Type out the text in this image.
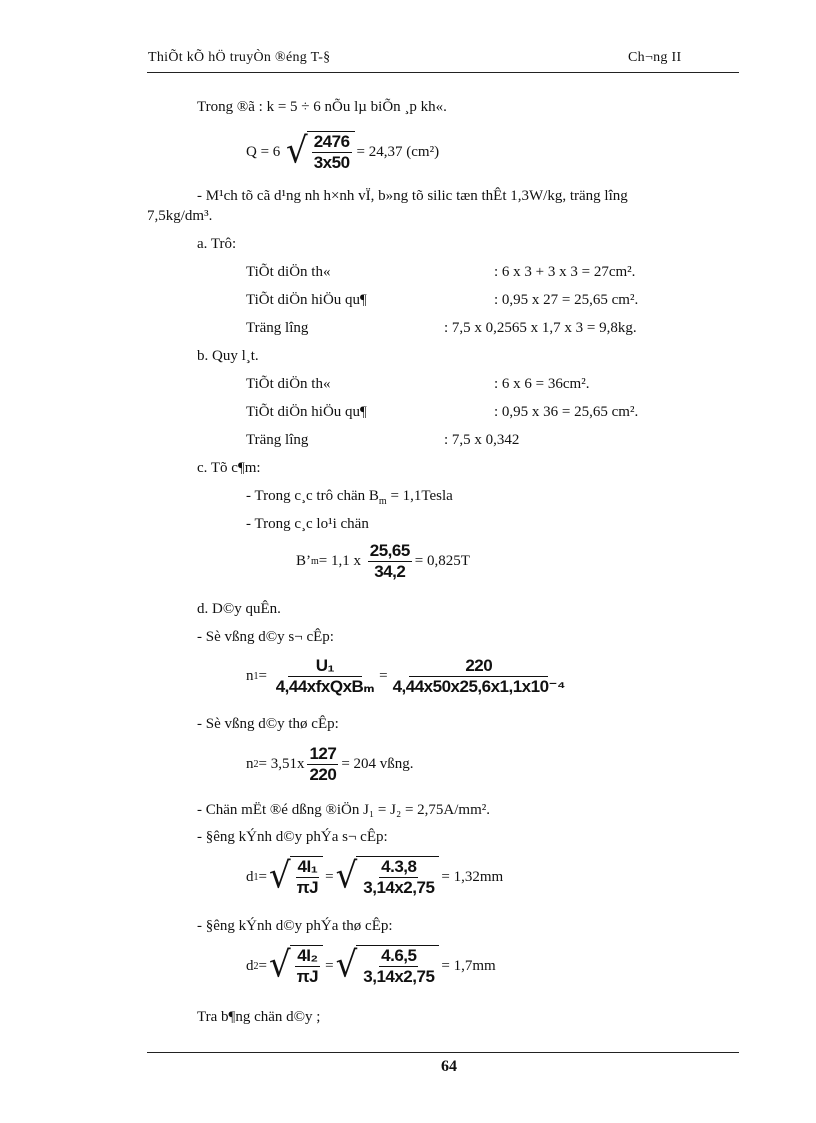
ThiÕt kÕ hÖ truyÒn ®éng T-§	Ch¬ng II
Trong ®ã : k = 5 ÷ 6 nÕu lµ biÕn ¸p kh«.
Q = 6
√ $\frac{2476}{3x50} = 24,37$ (cm²)
- M¹ch tõ cã d¹ng nh h×nh vÏ, b»ng tõ silic tæn thÊt 1,3W/kg, träng lîng
7,5kg/dm³.
a. Trô:
TiÕt diÖn th«	: 6 x 3 + 3 x 3 = 27cm².
TiÕt diÖn hiÖu qu¶	: 0,95 x 27 = 25,65 cm².
Träng lîng	: 7,5 x 0,2565 x 1,7 x 3 = 9,8kg.
b. Quy l¸t.
TiÕt diÖn th«	: 6 x 6 = 36cm².
TiÕt diÖn hiÖu qu¶	: 0,95 x 36 = 25,65 cm².
Träng lîng	: 7,5 x 0,342
c. Tõ c¶m:
- Trong c¸c trô chän $B_m$ = 1,1Tesla
- Trong c¸c lo¹i chän
B’ m = 1,1 x
$\frac{25,65}{34,2} = 0,825T$
d. D©y quÊn.
- Sè vßng d©y s¬ cÊp:
n 1 =
$\frac{\text{U₁}}{\text{4,44xfxQxBₘ}} = \frac{220}{\text{4,44x50x25,6x1,1x10⁻⁴}}$
- Sè vßng d©y thø cÊp:
n $2 = 3,51x \frac{127}{220} = 204$ vßng.
- Chän mËt ®é dßng ®iÖn J₁ = J₂ = 2,75A/mm².
- §êng kÝnh d©y phÝa s¬ cÊp:
d 1 = √ $\frac{\text{4I₁}}{\pi J}$ = √ $\frac{4.3,8}{3,14x2,75} = 1,32mm$
- §êng kÝnh d©y phÝa thø cÊp:
d 2 = √ $\frac{\text{4I₂}}{\pi J}$ = √ $\frac{4.6,5}{3,14x2,75} = 1,7mm$
Tra b¶ng chän d©y ;
64
